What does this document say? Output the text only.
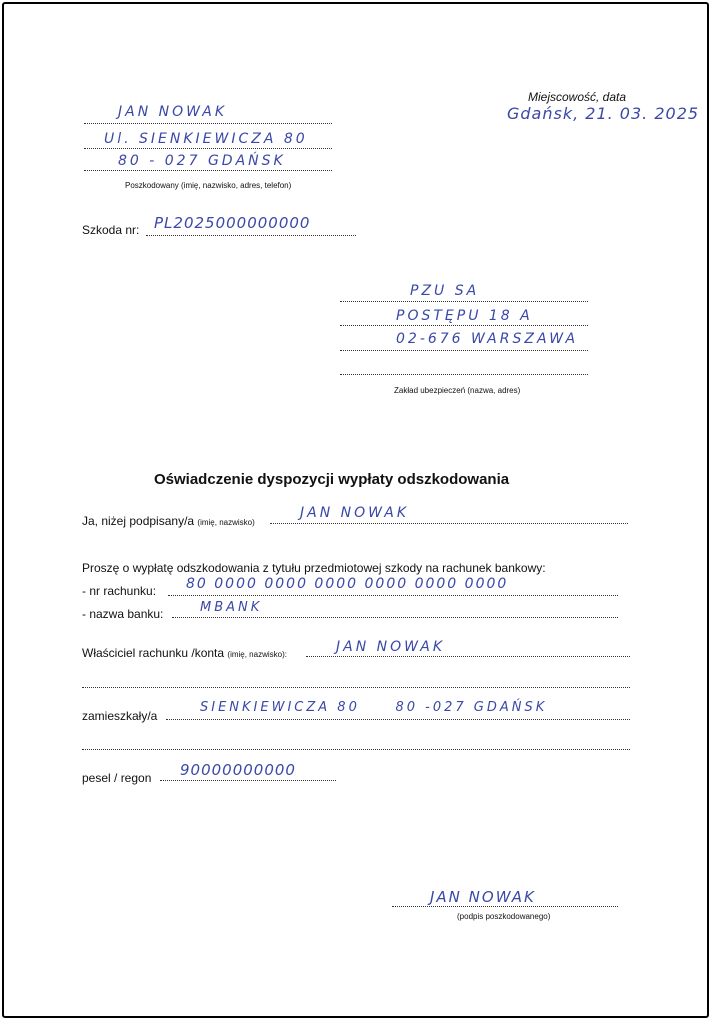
Miejscowość, data
Gdańsk, 21. 03. 2025
JAN NOWAK
Ul. SIENKIEWICZA 80
80 - 027 GDAŃSK
Poszkodowany (imię, nazwisko, adres, telefon)
Szkoda nr: PL2025000000000
PZU SA
POSTĘPU 18 A
02-676 WARSZAWA
Zakład ubezpieczeń (nazwa, adres)
Oświadczenie dyspozycji wypłaty odszkodowania
Ja, niżej podpisany/a (imię, nazwisko)
JAN NOWAK
Proszę o wypłatę odszkodowania z tytułu przedmiotowej szkody na rachunek bankowy:
- nr rachunku: 80 0000 0000 0000 0000 0000 0000
- nazwa banku:	MBANK
Właściciel rachunku /konta (imię, nazwisko):	JAN NOWAK
zamieszkały/a
SIENKIEWICZA 80     80 -027 GDAŃSK
pesel / regon 90000000000
JAN NOWAK
(podpis poszkodowanego)
